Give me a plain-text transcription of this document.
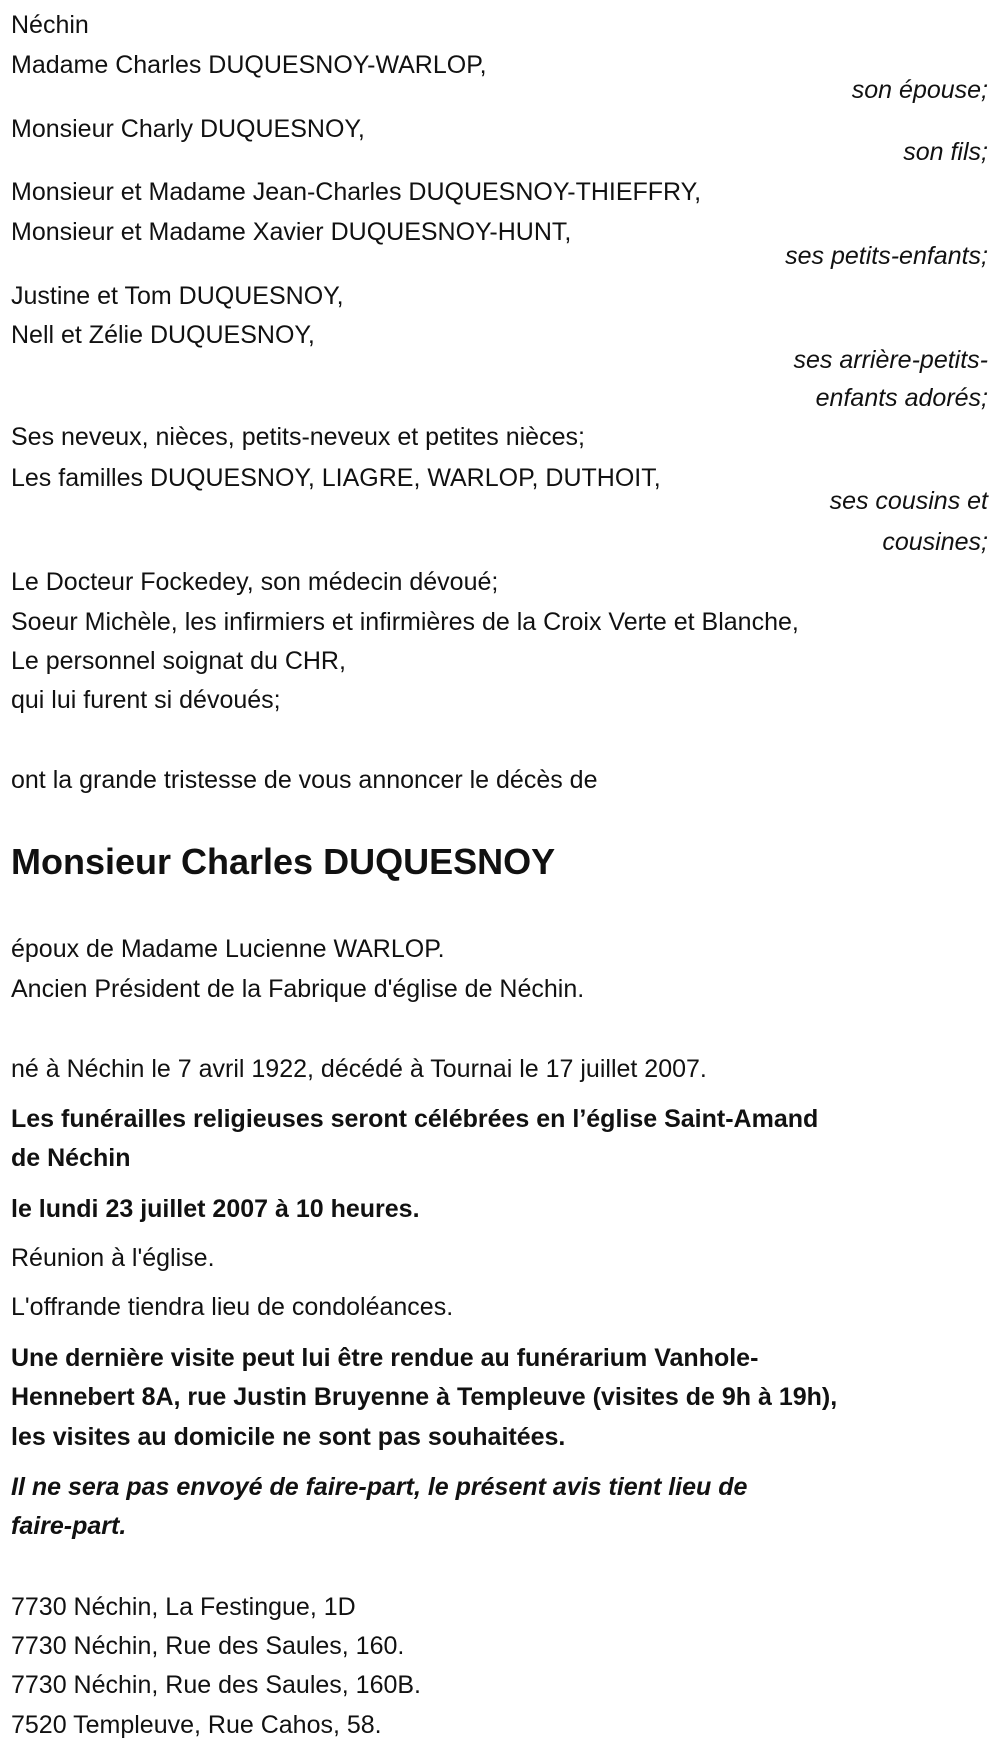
Néchin
Madame Charles DUQUESNOY-WARLOP,
son épouse;
Monsieur Charly DUQUESNOY,
son fils;
Monsieur et Madame Jean-Charles DUQUESNOY-THIEFFRY,
Monsieur et Madame Xavier DUQUESNOY-HUNT,
ses petits-enfants;
Justine et Tom DUQUESNOY,
Nell et Zélie DUQUESNOY,
ses arrière-petits-
enfants adorés;
Ses neveux, nièces, petits-neveux et petites nièces;
Les familles DUQUESNOY, LIAGRE, WARLOP, DUTHOIT,
ses cousins et
cousines;
Le Docteur Fockedey, son médecin dévoué;
Soeur Michèle, les infirmiers et infirmières de la Croix Verte et Blanche,
Le personnel soignat du CHR,
qui lui furent si dévoués;
ont la grande tristesse de vous annoncer le décès de
Monsieur Charles DUQUESNOY
époux de Madame Lucienne WARLOP.
Ancien Président de la Fabrique d'église de Néchin.
né à Néchin le 7 avril 1922, décédé à Tournai le 17 juillet 2007.
Les funérailles religieuses seront célébrées en l’église Saint-Amand
de Néchin
le lundi 23 juillet 2007 à 10 heures.
Réunion à l'église.
L'offrande tiendra lieu de condoléances.
Une dernière visite peut lui être rendue au funérarium Vanhole-
Hennebert 8A, rue Justin Bruyenne à Templeuve (visites de 9h à 19h),
les visites au domicile ne sont pas souhaitées.
Il ne sera pas envoyé de faire-part, le présent avis tient lieu de
faire-part.
7730 Néchin, La Festingue, 1D
7730 Néchin, Rue des Saules, 160.
7730 Néchin, Rue des Saules, 160B.
7520 Templeuve, Rue Cahos, 58.
